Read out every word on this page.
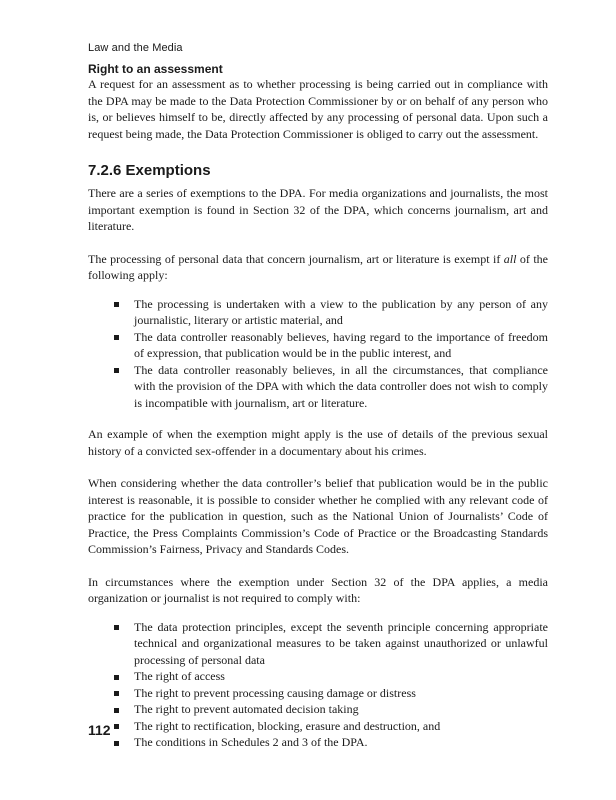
Law and the Media
Right to an assessment

A request for an assessment as to whether processing is being carried out in compliance with the DPA may be made to the Data Protection Commissioner by or on behalf of any person who is, or believes himself to be, directly affected by any processing of personal data. Upon such a request being made, the Data Protection Commissioner is obliged to carry out the assessment.

7.2.6 Exemptions

There are a series of exemptions to the DPA. For media organizations and journalists, the most important exemption is found in Section 32 of the DPA, which concerns journalism, art and literature.

The processing of personal data that concern journalism, art or literature is exempt if all of the following apply:

The processing is undertaken with a view to the publication by any person of any journalistic, literary or artistic material, and
The data controller reasonably believes, having regard to the importance of freedom of expression, that publication would be in the public interest, and
The data controller reasonably believes, in all the circumstances, that compliance with the provision of the DPA with which the data controller does not wish to comply is incompatible with journalism, art or literature.

An example of when the exemption might apply is the use of details of the previous sexual history of a convicted sex-offender in a documentary about his crimes.

When considering whether the data controller’s belief that publication would be in the public interest is reasonable, it is possible to consider whether he complied with any relevant code of practice for the publication in question, such as the National Union of Journalists’ Code of Practice, the Press Complaints Commission’s Code of Practice or the Broadcasting Standards Commission’s Fairness, Privacy and Standards Codes.

In circumstances where the exemption under Section 32 of the DPA applies, a media organization or journalist is not required to comply with:

The data protection principles, except the seventh principle concerning appropriate technical and organizational measures to be taken against unauthorized or unlawful processing of personal data
The right of access
The right to prevent processing causing damage or distress
The right to prevent automated decision taking
The right to rectification, blocking, erasure and destruction, and
The conditions in Schedules 2 and 3 of the DPA.
112
